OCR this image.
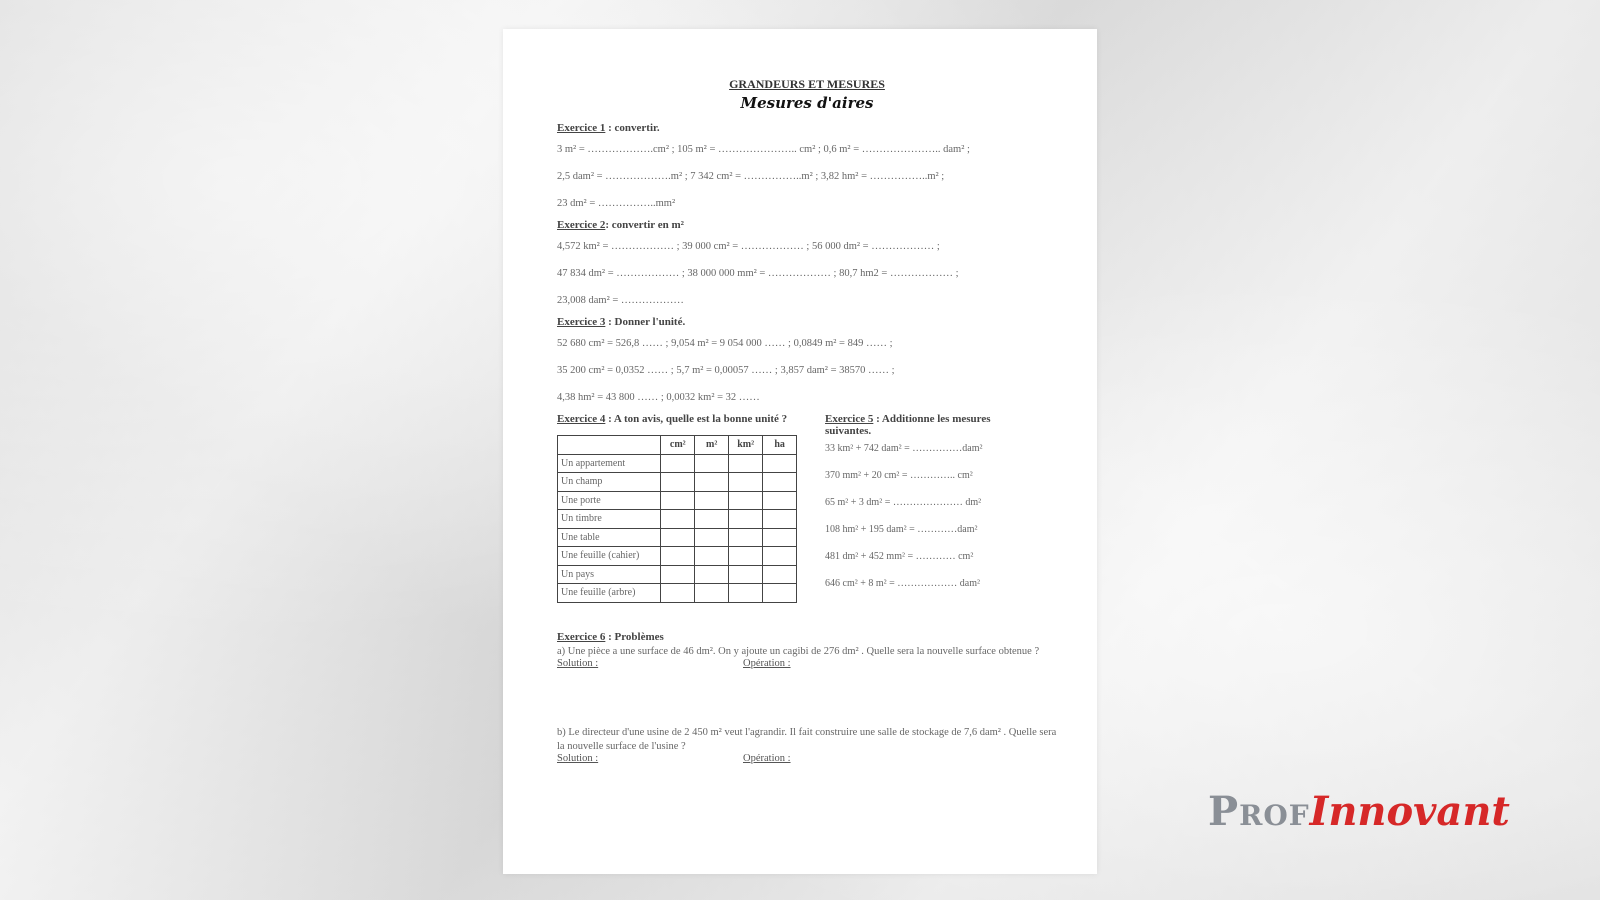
GRANDEURS ET MESURES

Mesures d'aires

Exercice 1 : convertir.

3 m² = ……………….cm² ; 105 m² = ………………….. cm² ; 0,6 m² = ………………….. dam² ;

2,5 dam² = ……………….m² ; 7 342 cm² = ……………..m² ; 3,82 hm² = ……………..m² ;

23 dm² = ……………..mm²

Exercice 2: convertir en m²

4,572 km² = ……………… ; 39 000 cm² = ……………… ; 56 000 dm² = ……………… ;

47 834 dm² = ……………… ; 38 000 000 mm² = ……………… ; 80,7 hm2 = ……………… ;

23,008 dam² = ………………

Exercice 3 : Donner l'unité.

52 680 cm² = 526,8 …… ; 9,054 m² = 9 054 000 …… ; 0,0849 m² = 849 …… ;

35 200 cm² = 0,0352 …… ; 5,7 m² = 0,00057 …… ; 3,857 dam² = 38570 …… ;

4,38 hm² = 43 800 …… ; 0,0032 km² = 32 ……

Exercice 4 : A ton avis, quelle est la bonne unité ?

	cm²	m²	km²	ha
Un appartement				
Un champ				
Une porte				
Un timbre				
Une table				
Une feuille (cahier)				
Un pays				
Une feuille (arbre)				

Exercice 5 : Additionne les mesures suivantes.

33 km² + 742 dam² = ……………dam²

370 mm² + 20 cm² = ………….. cm²

65 m² + 3 dm² = ………………… dm²

108 hm² + 195 dam² = …………dam²

481 dm² + 452 mm² = ………… cm²

646 cm² + 8 m² = ……………… dam²

Exercice 6 : Problèmes

a) Une pièce a une surface de 46 dm². On y ajoute un cagibi de 276 dm² . Quelle sera la nouvelle surface obtenue ?

Solution :	Opération :

b) Le directeur d'une usine de 2 450 m² veut l'agrandir. Il fait construire une salle de stockage de 7,6 dam² . Quelle sera la nouvelle surface de l'usine ?

Solution :	Opération :
ProfInnovant
